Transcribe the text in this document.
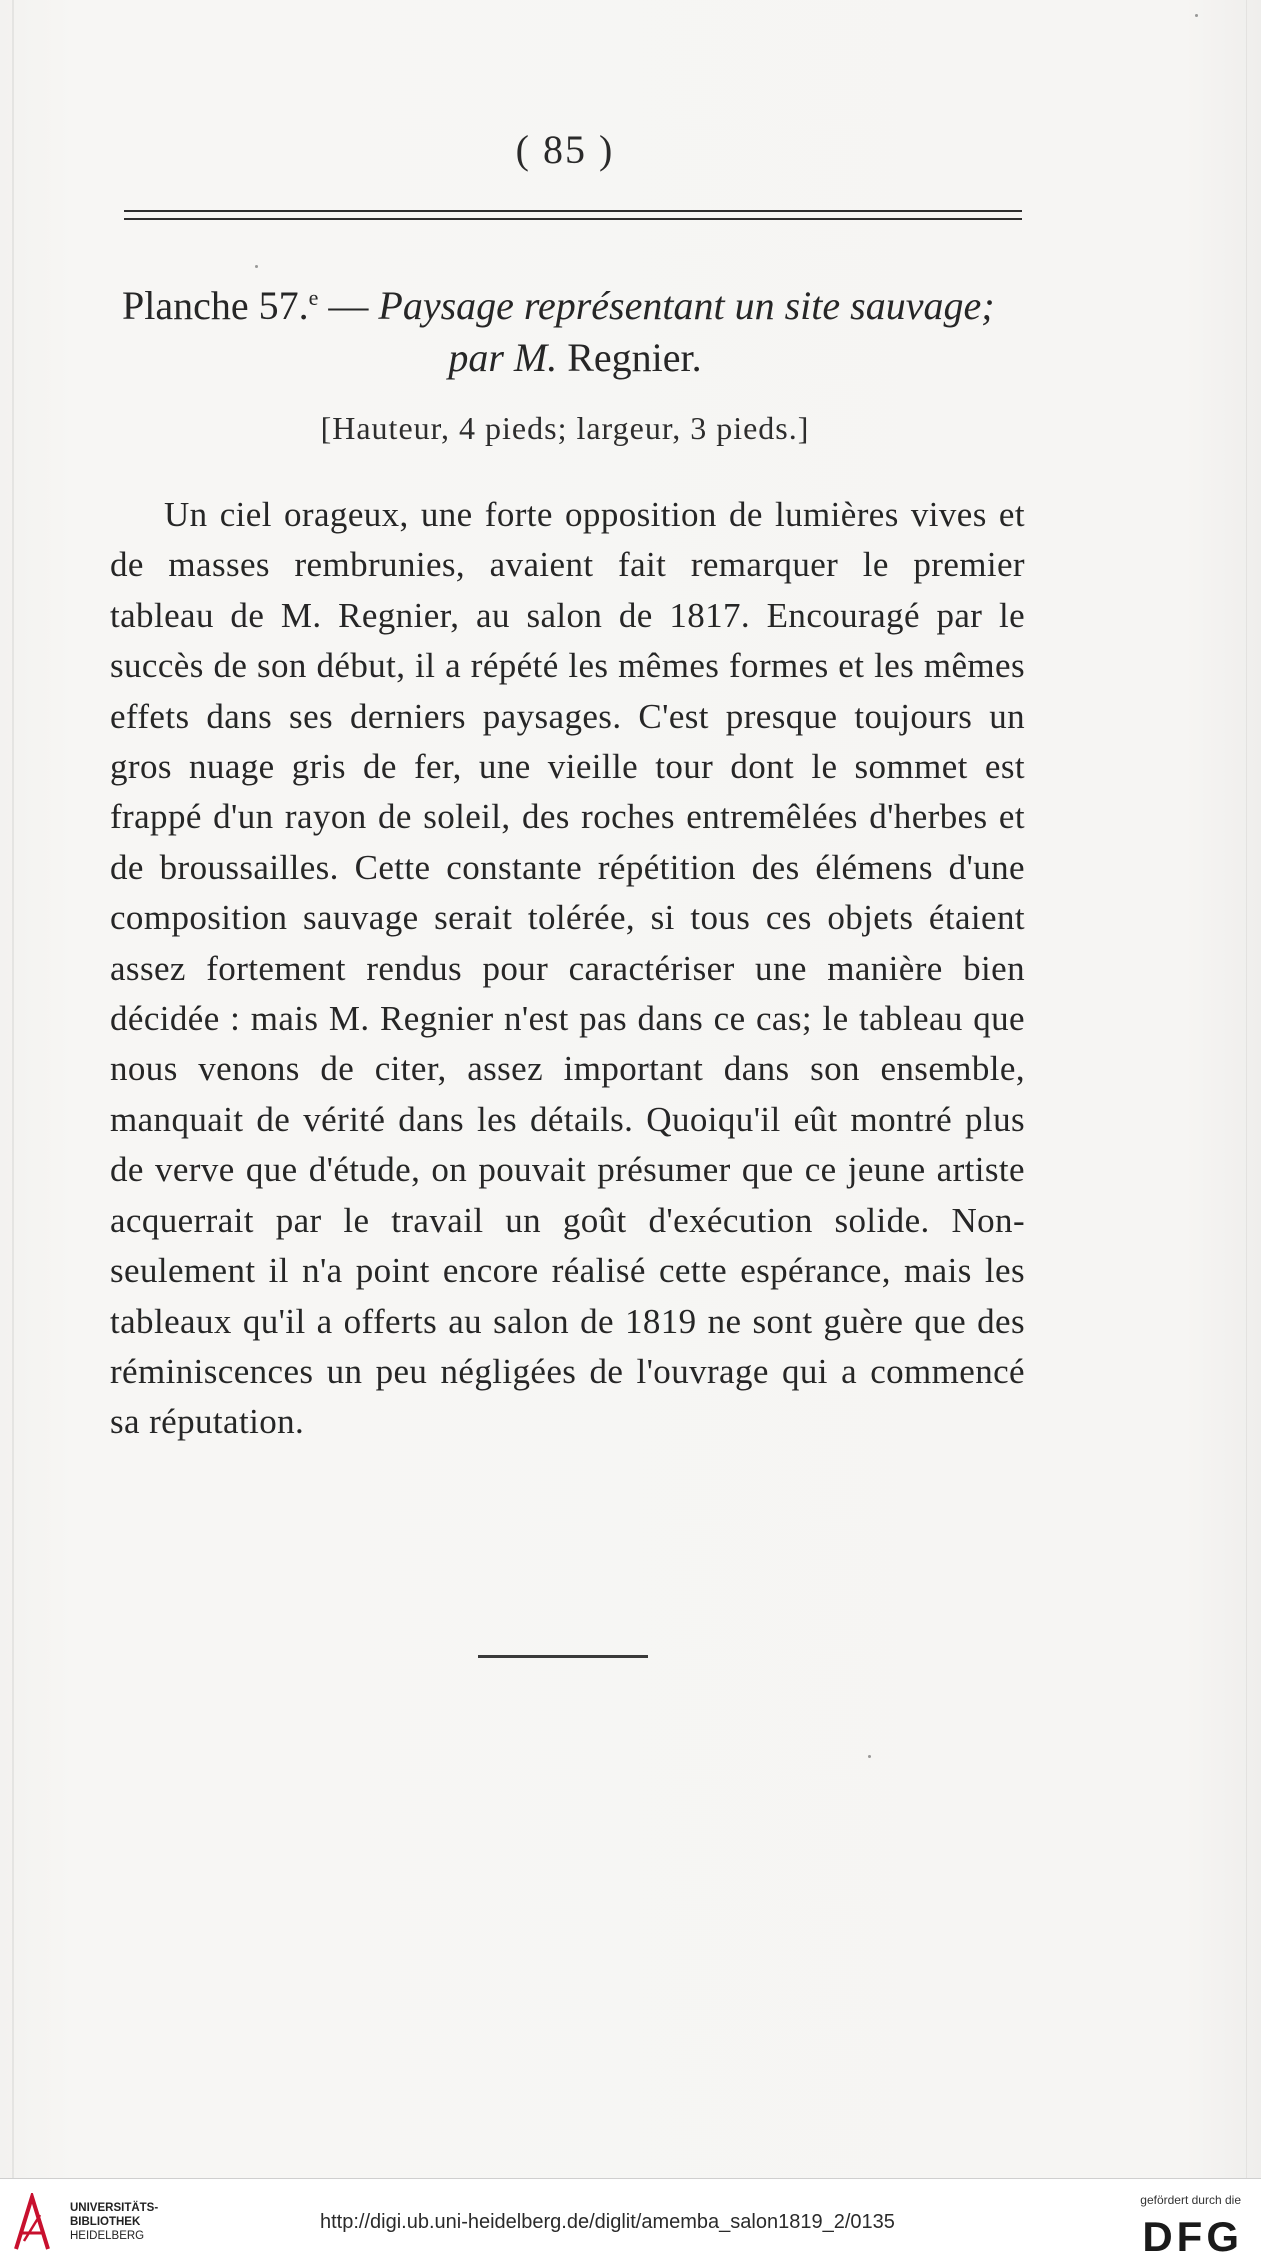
( 85 )
Planche 57.$^e$ — Paysage représentant un site sauvage;
par M. Regnier.
[Hauteur, 4 pieds; largeur, 3 pieds.]

Un ciel orageux, une forte opposition de lumières vives et de masses rembrunies, avaient fait remarquer le premier tableau de M. Regnier, au salon de 1817. Encouragé par le succès de son début, il a répété les mêmes formes et les mêmes effets dans ses derniers paysages. C'est presque toujours un gros nuage gris de fer, une vieille tour dont le sommet est frappé d'un rayon de soleil, des roches entremêlées d'herbes et de broussailles. Cette constante répétition des élémens d'une composition sauvage serait tolérée, si tous ces objets étaient assez fortement rendus pour caractériser une manière bien décidée : mais M. Regnier n'est pas dans ce cas; le tableau que nous venons de citer, assez important dans son ensemble, manquait de vérité dans les détails. Quoiqu'il eût montré plus de verve que d'étude, on pouvait présumer que ce jeune artiste acquerrait par le travail un goût d'exécution solide. Non-seulement il n'a point encore réalisé cette espérance, mais les tableaux qu'il a offerts au salon de 1819 ne sont guère que des réminiscences un peu négligées de l'ouvrage qui a commencé sa réputation.

UNIVERSITÄTS-
BIBLIOTHEK
HEIDELBERG
http://digi.ub.uni-heidelberg.de/diglit/amemba_salon1819_2/0135
gefördert durch die
DFG
